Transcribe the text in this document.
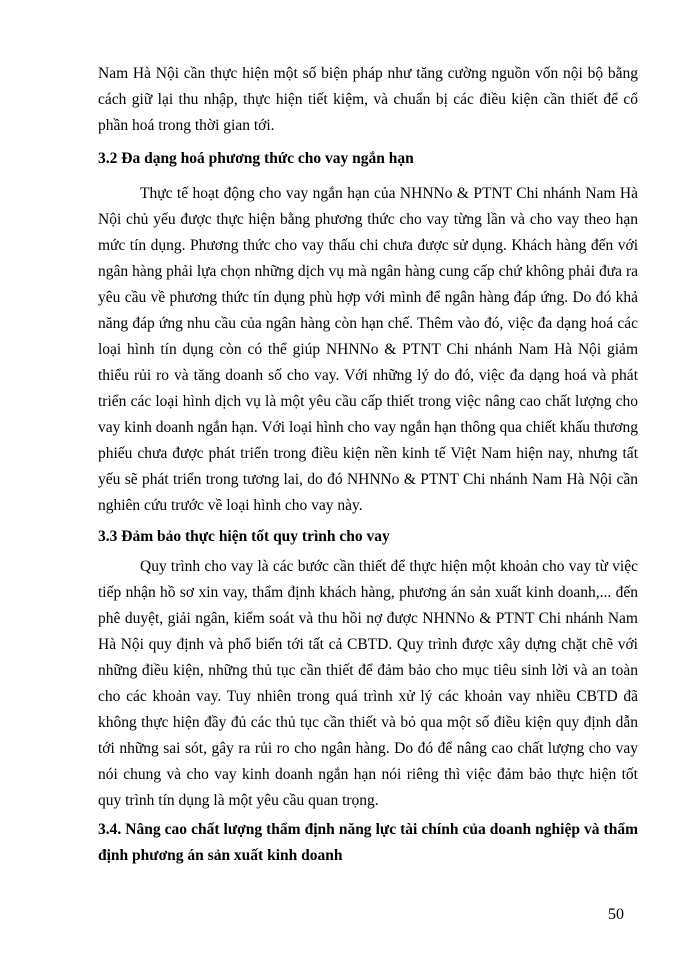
Nam Hà Nội cần thực hiện một số biện pháp như tăng cường nguồn vốn nội bộ bằng
cách giữ lại thu nhập, thực hiện tiết kiệm, và chuẩn bị các điều kiện cần thiết để cổ
phần hoá trong thời gian tới.
3.2 Đa dạng hoá phương thức cho vay ngắn hạn
Thực tế hoạt động cho vay ngắn hạn của NHNNo & PTNT Chi nhánh Nam Hà
Nội chủ yếu được thực hiện bằng phương thức cho vay từng lần và cho vay theo hạn
mức tín dụng. Phương thức cho vay thấu chi chưa được sử dụng. Khách hàng đến với
ngân hàng phải lựa chọn những dịch vụ mà ngân hàng cung cấp chứ không phải đưa ra
yêu cầu về phương thức tín dụng phù hợp với mình để ngân hàng đáp ứng. Do đó khả
năng đáp ứng nhu cầu của ngân hàng còn hạn chế. Thêm vào đó, việc đa dạng hoá các
loại hình tín dụng còn có thể giúp NHNNo & PTNT Chi nhánh Nam Hà Nội giảm
thiểu rủi ro và tăng doanh số cho vay. Với những lý do đó, việc đa dạng hoá và phát
triển các loại hình dịch vụ là một yêu cầu cấp thiết trong việc nâng cao chất lượng cho
vay kinh doanh ngắn hạn. Với loại hình cho vay ngắn hạn thông qua chiết khấu thương
phiếu chưa được phát triển trong điều kiện nền kinh tế Việt Nam hiện nay, nhưng tất
yếu sẽ phát triển trong tương lai, do đó NHNNo & PTNT Chi nhánh Nam Hà Nội cần
nghiên cứu trước về loại hình cho vay này.
3.3 Đảm bảo thực hiện tốt quy trình cho vay
Quy trình cho vay là các bước cần thiết để thực hiện một khoản cho vay từ việc
tiếp nhận hồ sơ xin vay, thẩm định khách hàng, phương án sản xuất kinh doanh,... đến
phê duyệt, giải ngân, kiểm soát và thu hồi nợ được NHNNo & PTNT Chi nhánh Nam
Hà Nội quy định và phổ biến tới tất cả CBTD. Quy trình được xây dựng chặt chẽ với
những điều kiện, những thủ tục cần thiết để đảm bảo cho mục tiêu sinh lời và an toàn
cho các khoản vay. Tuy nhiên trong quá trình xử lý các khoản vay nhiều CBTD đã
không thực hiện đầy đủ các thủ tục cần thiết và bỏ qua một số điều kiện quy định dẫn
tới những sai sót, gây ra rủi ro cho ngân hàng. Do đó để nâng cao chất lượng cho vay
nói chung và cho vay kinh doanh ngắn hạn nói riêng thì việc đảm bảo thực hiện tốt
quy trình tín dụng là một yêu cầu quan trọng.
3.4. Nâng cao chất lượng thẩm định năng lực tài chính của doanh nghiệp và thẩm
định phương án sản xuất kinh doanh
50
